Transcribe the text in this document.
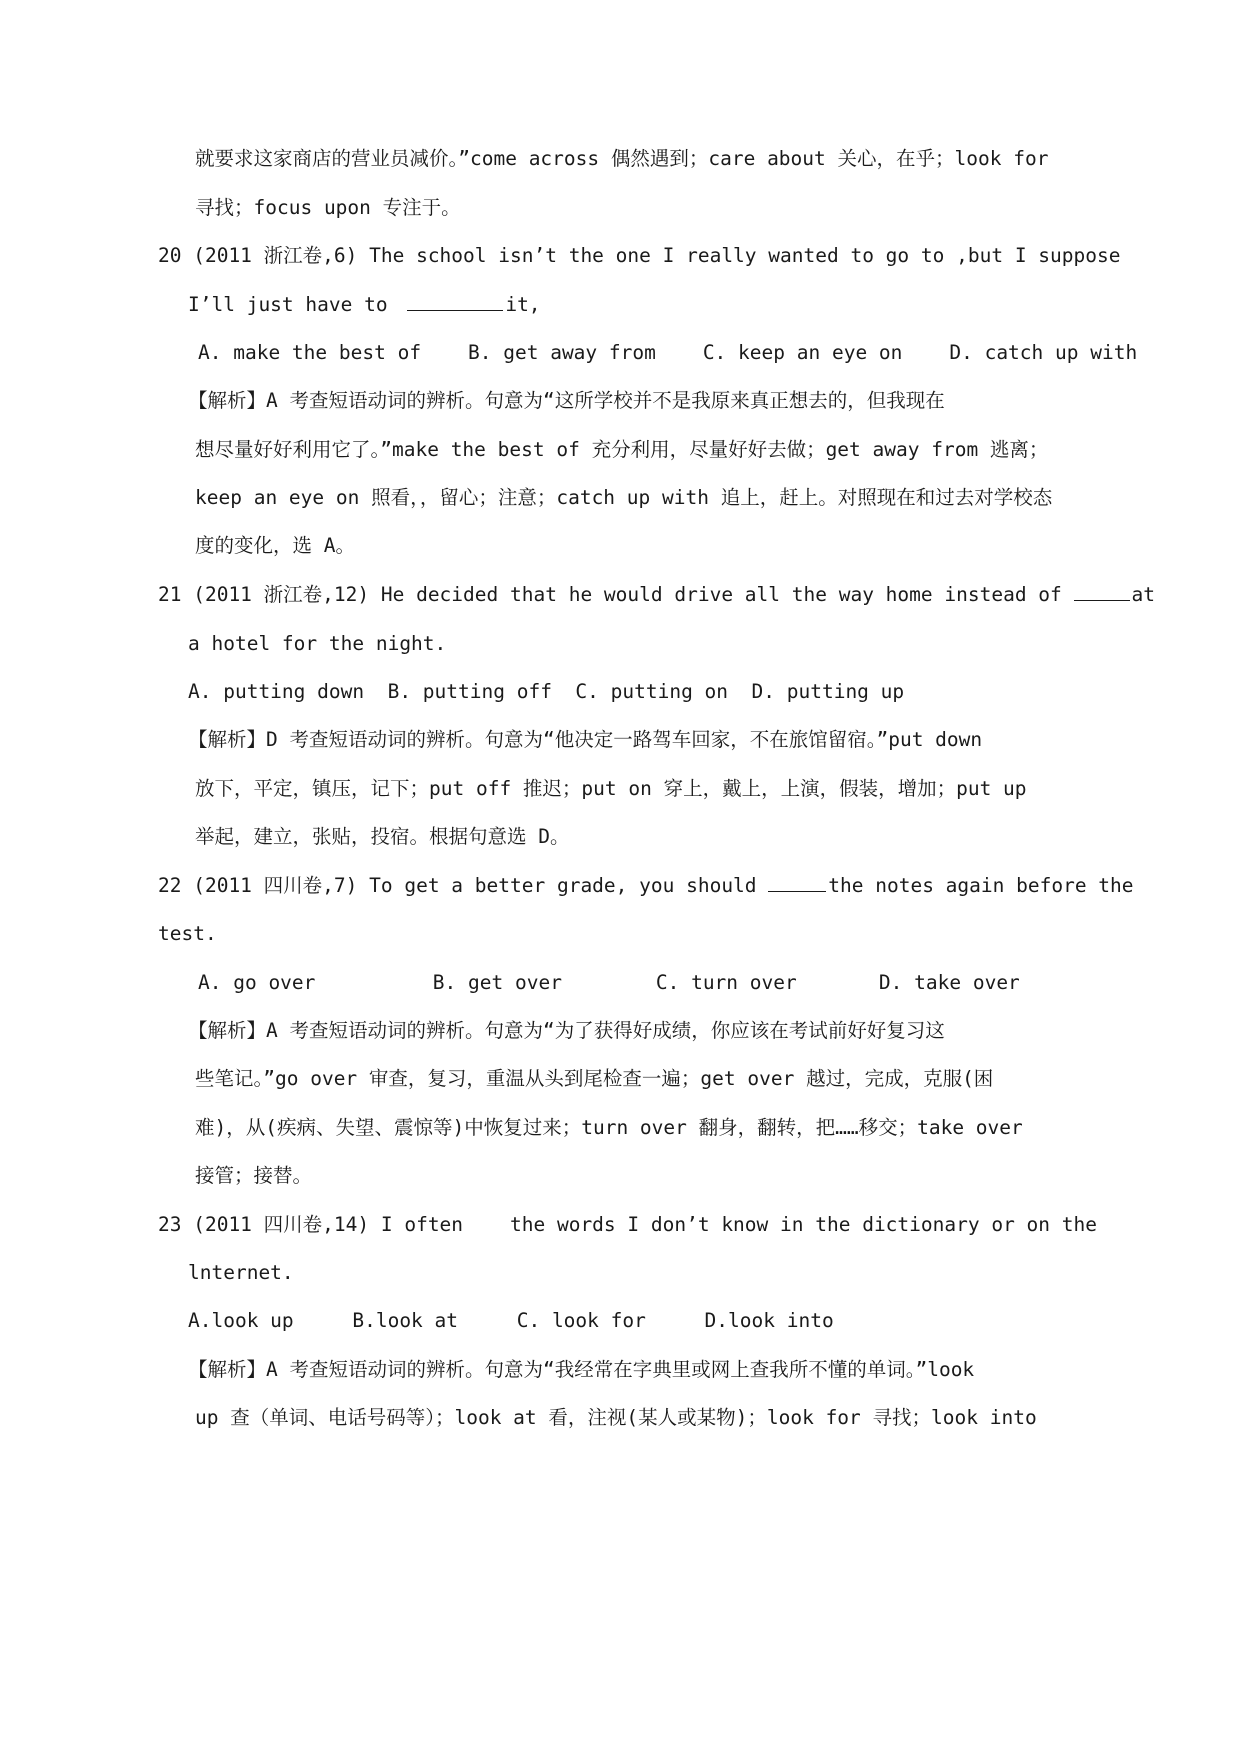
就要求这家商店的营业员减价。”come across 偶然遇到；care about 关心，在乎；look for
寻找；focus upon 专注于。
20 (2011 浙江卷,6) The school isn’t the one I really wanted to go to ,but I suppose
I’ll just have to	it,
A. make the best of    B. get away from    C. keep an eye on    D. catch up with
【解析】A 考查短语动词的辨析。句意为“这所学校并不是我原来真正想去的，但我现在
想尽量好好利用它了。”make the best of 充分利用，尽量好好去做；get away from 逃离；
keep an eye on 照看，，留心；注意；catch up with 追上，赶上。对照现在和过去对学校态
度的变化，选 A。
21 (2011 浙江卷,12) He decided that he would drive all the way home instead of	at
a hotel for the night.
A. putting down  B. putting off  C. putting on  D. putting up
【解析】D 考查短语动词的辨析。句意为“他决定一路驾车回家，不在旅馆留宿。”put down
放下，平定，镇压，记下；put off 推迟；put on 穿上，戴上，上演，假装，增加；put up
举起，建立，张贴，投宿。根据句意选 D。
22 (2011 四川卷,7) To get a better grade, you should	the notes again before the
test.
A. go over          B. get over        C. turn over       D. take over
【解析】A 考查短语动词的辨析。句意为“为了获得好成绩，你应该在考试前好好复习这
些笔记。”go over 审查，复习，重温从头到尾检查一遍；get over 越过，完成，克服(困
难)，从(疾病、失望、震惊等)中恢复过来；turn over 翻身，翻转，把……移交；take over
接管；接替。
23 (2011 四川卷,14) I often    the words I don’t know in the dictionary or on the
lnternet.
A.look up     B.look at     C. look for     D.look into
【解析】A 考查短语动词的辨析。句意为“我经常在字典里或网上查我所不懂的单词。”look
up 查（单词、电话号码等）；look at 看，注视(某人或某物)；look for 寻找；look into
